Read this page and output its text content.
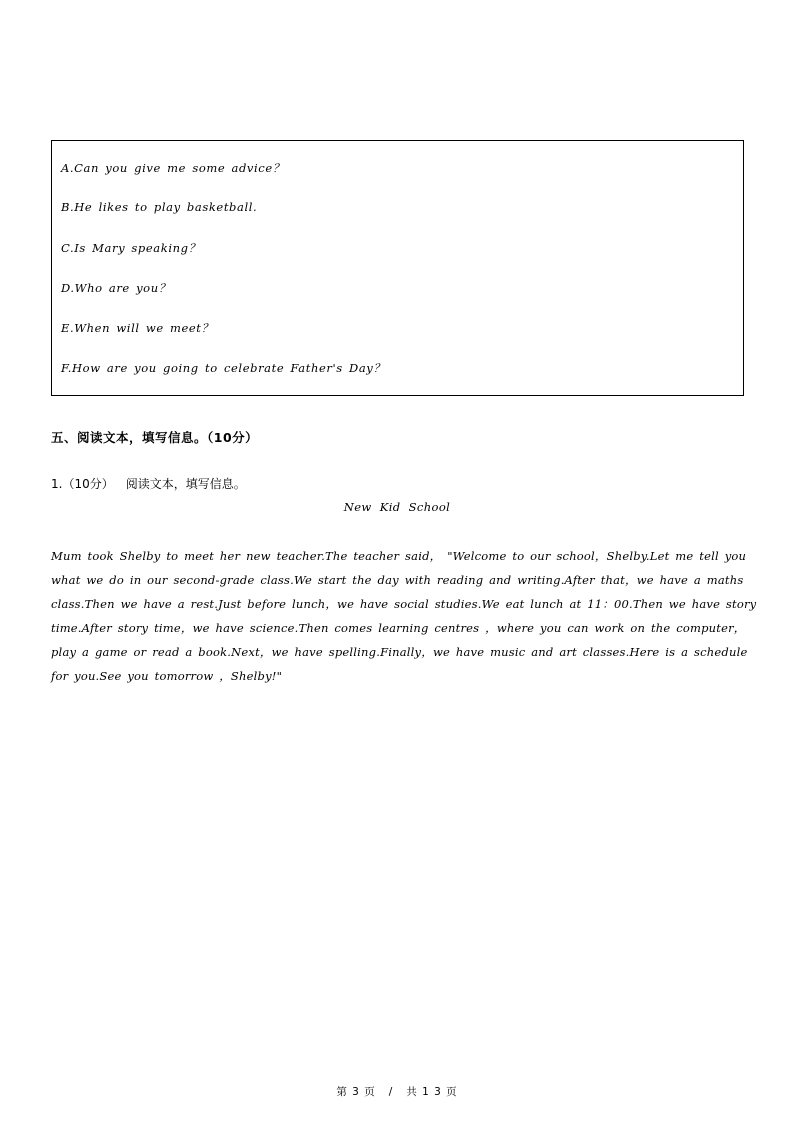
A.Can you give me some advice？
B.He likes to play basketball.
C.Is Mary speaking？
D.Who are you？
E.When will we meet？
F.How are you going to celebrate Father's Day？
五、阅读文本，填写信息。（10分）
1.（10分） 阅读文本，填写信息。
New Kid School
Mum took Shelby to meet her new teacher.The teacher said， "Welcome to our school，Shelby.Let me tell you
what we do in our second-grade class.We start the day with reading and writing.After that，we have a maths
class.Then we have a rest.Just before lunch，we have social studies.We eat lunch at 11：00.Then we have story
time.After story time，we have science.Then comes learning centres ，where you can work on the computer，
play a game or read a book.Next，we have spelling.Finally，we have music and art classes.Here is a schedule
for you.See you tomorrow ，Shelby!"
第 3 页   /   共 1 3 页
